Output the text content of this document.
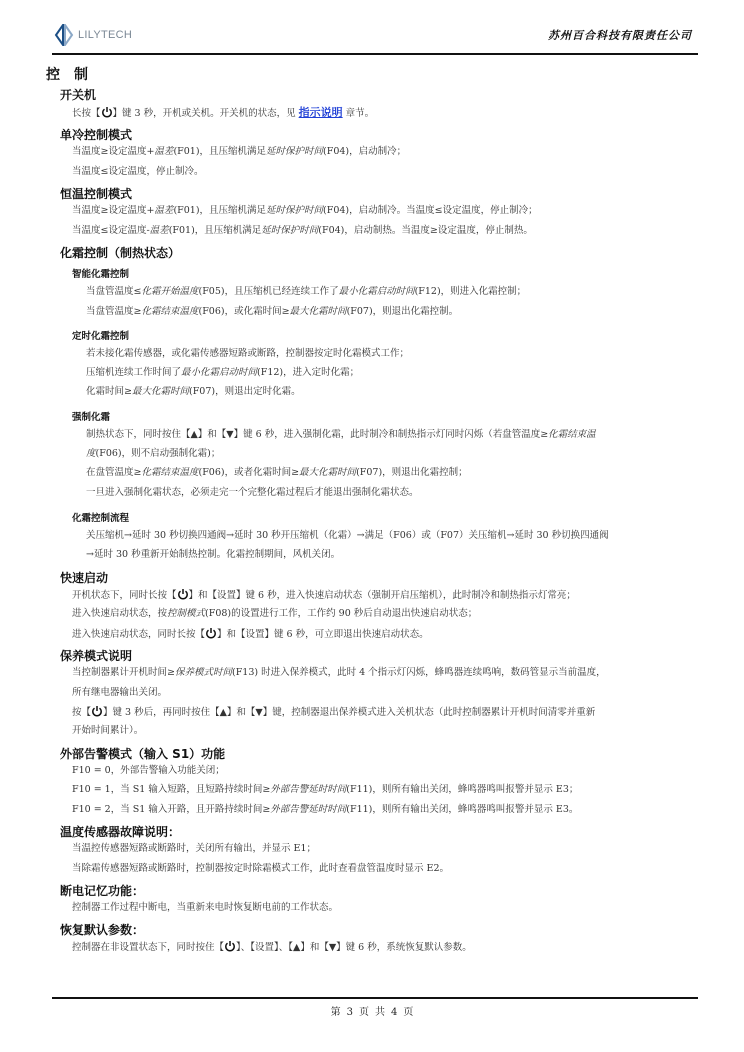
LILYTECH	苏州百合科技有限责任公司
控制
开关机
长按【 】键 3 秒，开机或关机。开关机的状态，见 指示说明 章节。
单冷控制模式
当温度≥设定温度+温差(F01)，且压缩机满足延时保护时间(F04)，启动制冷；
当温度≤设定温度，停止制冷。
恒温控制模式
当温度≥设定温度+温差(F01)，且压缩机满足延时保护时间(F04)，启动制冷。当温度≤设定温度，停止制冷；
当温度≤设定温度-温差(F01)，且压缩机满足延时保护时间(F04)，启动制热。当温度≥设定温度，停止制热。
化霜控制（制热状态）
智能化霜控制
当盘管温度≤化霜开始温度(F05)，且压缩机已经连续工作了最小化霜启动时间(F12)，则进入化霜控制；
当盘管温度≥化霜结束温度(F06)，或化霜时间≥最大化霜时间(F07)，则退出化霜控制。
定时化霜控制
若未接化霜传感器，或化霜传感器短路或断路，控制器按定时化霜模式工作；
压缩机连续工作时间了最小化霜启动时间(F12)，进入定时化霜；
化霜时间≥最大化霜时间(F07)，则退出定时化霜。
强制化霜
制热状态下，同时按住【▲】和【▼】键 6 秒，进入强制化霜，此时制冷和制热指示灯同时闪烁（若盘管温度≥化霜结束温
度(F06)，则不启动强制化霜)；
在盘管温度≥化霜结束温度(F06)，或者化霜时间≥最大化霜时间(F07)，则退出化霜控制；
一旦进入强制化霜状态，必须走完一个完整化霜过程后才能退出强制化霜状态。
化霜控制流程
关压缩机→延时 30 秒切换四通阀→延时 30 秒开压缩机（化霜）→满足（F06）或（F07）关压缩机→延时 30 秒切换四通阀
→延时 30 秒重新开始制热控制。化霜控制期间，风机关闭。
快速启动
开机状态下，同时长按【 】和【设置】键 6 秒，进入快速启动状态（强制开启压缩机），此时制冷和制热指示灯常亮；
进入快速启动状态，按控制模式(F08)的设置进行工作，工作约 90 秒后自动退出快速启动状态；
进入快速启动状态，同时长按【 】和【设置】键 6 秒，可立即退出快速启动状态。
保养模式说明
当控制器累计开机时间≥保养模式时间(F13) 时进入保养模式，此时 4 个指示灯闪烁，蜂鸣器连续鸣响，数码管显示当前温度，
所有继电器输出关闭。
按【 】键 3 秒后，再同时按住【▲】和【▼】键，控制器退出保养模式进入关机状态（此时控制器累计开机时间清零并重新
开始时间累计）。
外部告警模式（输入 S1）功能
F10 = 0，外部告警输入功能关闭；
F10 = 1，当 S1 输入短路，且短路持续时间≥外部告警延时时间(F11)，则所有输出关闭，蜂鸣器鸣叫报警并显示 E3；
F10 = 2，当 S1 输入开路，且开路持续时间≥外部告警延时时间(F11)，则所有输出关闭，蜂鸣器鸣叫报警并显示 E3。
温度传感器故障说明：
当温控传感器短路或断路时，关闭所有输出，并显示 E1；
当除霜传感器短路或断路时，控制器按定时除霜模式工作，此时查看盘管温度时显示 E2。
断电记忆功能：
控制器工作过程中断电，当重新来电时恢复断电前的工作状态。
恢复默认参数：
控制器在非设置状态下，同时按住【 】、【设置】、【▲】和【▼】键 6 秒，系统恢复默认参数。
第 3 页 共 4 页
